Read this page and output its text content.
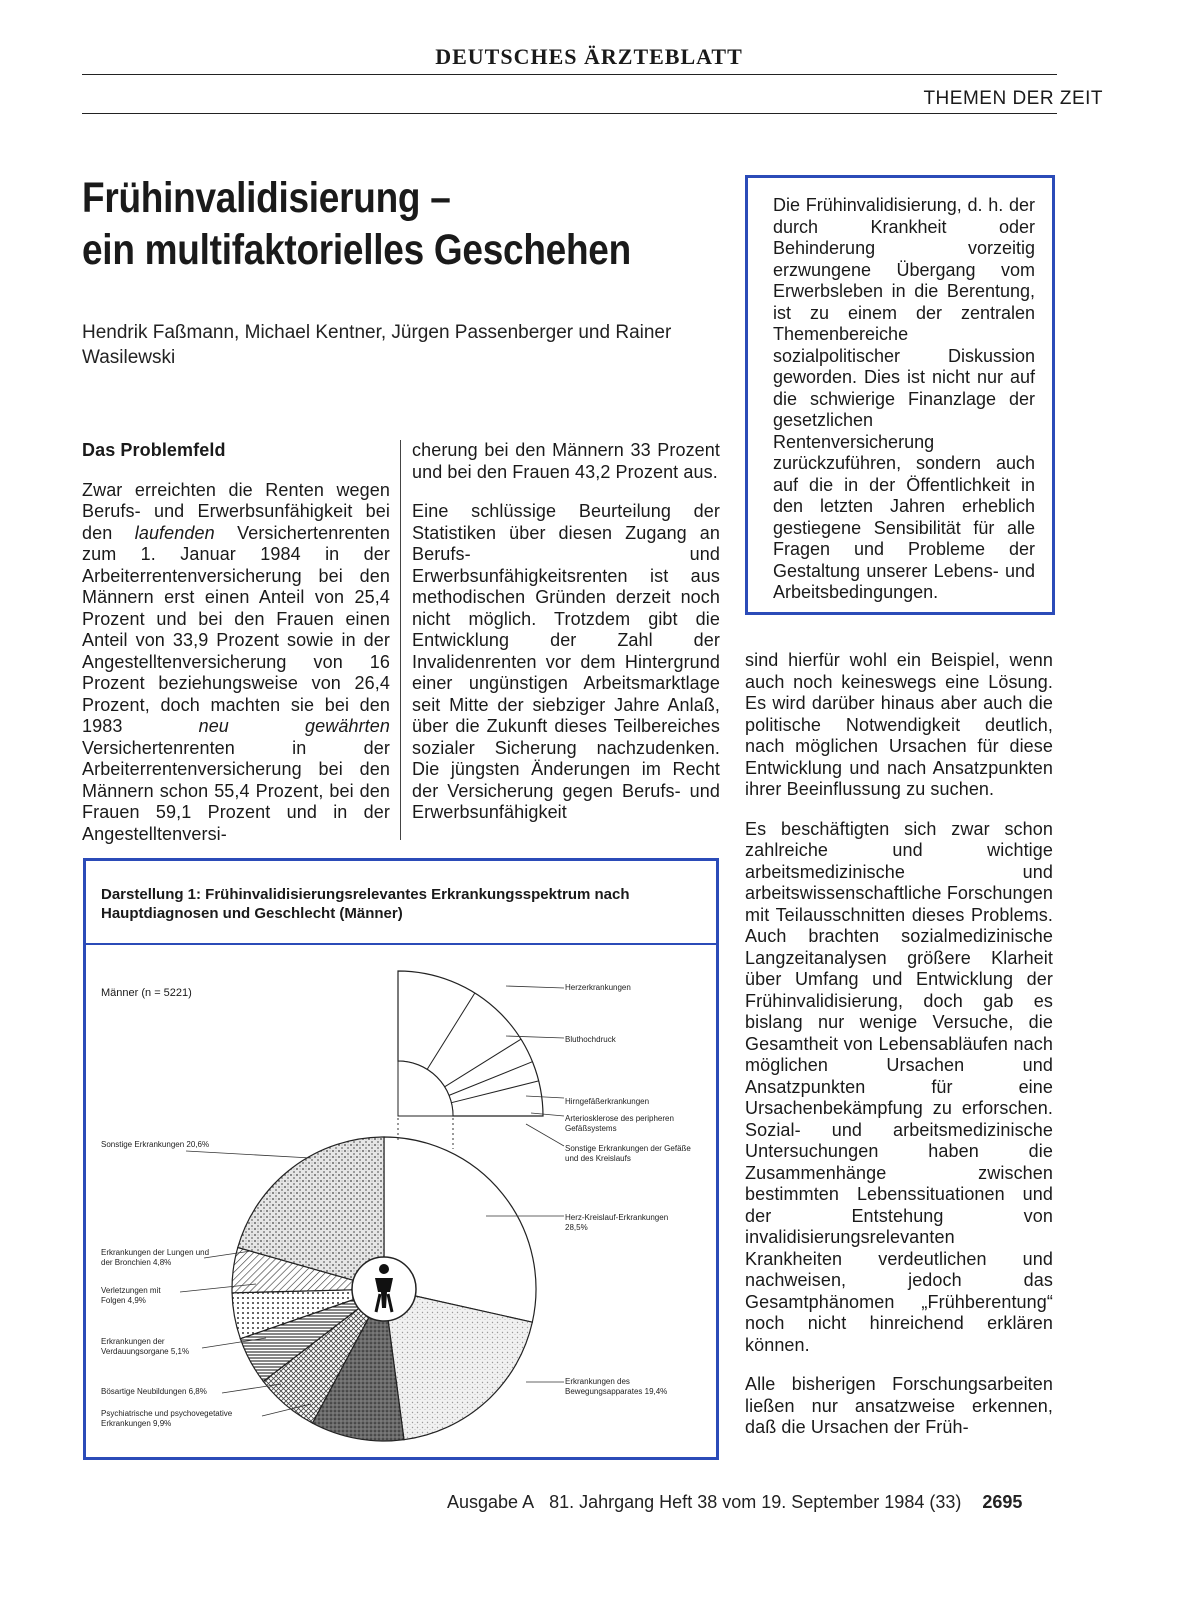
DEUTSCHES ÄRZTEBLATT
THEMEN DER ZEIT
Frühinvalidisierung –
ein multifaktorielles Geschehen
Hendrik Faßmann, Michael Kentner, Jürgen Passenberger und Rainer Wasilewski

Das Problemfeld

Zwar erreichten die Renten wegen Berufs- und Erwerbsunfähigkeit bei den laufenden Versichertenrenten zum 1. Januar 1984 in der Arbeiterrentenversicherung bei den Männern erst einen Anteil von 25,4 Prozent und bei den Frauen einen Anteil von 33,9 Prozent sowie in der Angestelltenversicherung von 16 Prozent beziehungsweise von 26,4 Prozent, doch machten sie bei den 1983 neu gewährten Versichertenrenten in der Arbeiterrentenversicherung bei den Männern schon 55,4 Prozent, bei den Frauen 59,1 Prozent und in der Angestelltenversi-

cherung bei den Männern 33 Prozent und bei den Frauen 43,2 Prozent aus.

Eine schlüssige Beurteilung der Statistiken über diesen Zugang an Berufs- und Erwerbsunfähigkeitsrenten ist aus methodischen Gründen derzeit noch nicht möglich. Trotzdem gibt die Entwicklung der Zahl der Invalidenrenten vor dem Hintergrund einer ungünstigen Arbeitsmarktlage seit Mitte der siebziger Jahre Anlaß, über die Zukunft dieses Teilbereiches sozialer Sicherung nachzudenken. Die jüngsten Änderungen im Recht der Versicherung gegen Berufs- und Erwerbsunfähigkeit

Die Frühinvalidisierung, d. h. der durch Krankheit oder Behinderung vorzeitig erzwungene Übergang vom Erwerbsleben in die Berentung, ist zu einem der zentralen Themenbereiche sozialpolitischer Diskussion geworden. Dies ist nicht nur auf die schwierige Finanzlage der gesetzlichen Rentenversicherung zurückzuführen, sondern auch auf die in der Öffentlichkeit in den letzten Jahren erheblich gestiegene Sensibilität für alle Fragen und Probleme der Gestaltung unserer Lebens- und Arbeitsbedingungen.

sind hierfür wohl ein Beispiel, wenn auch noch keineswegs eine Lösung. Es wird darüber hinaus aber auch die politische Notwendigkeit deutlich, nach möglichen Ursachen für diese Entwicklung und nach Ansatzpunkten ihrer Beeinflussung zu suchen.

Es beschäftigten sich zwar schon zahlreiche und wichtige arbeitsmedizinische und arbeitswissenschaftliche Forschungen mit Teilausschnitten dieses Problems. Auch brachten sozialmedizinische Langzeitanalysen größere Klarheit über Umfang und Entwicklung der Frühinvalidisierung, doch gab es bislang nur wenige Versuche, die Gesamtheit von Lebensabläufen nach möglichen Ursachen und Ansatzpunkten für eine Ursachenbekämpfung zu erforschen. Sozial- und arbeitsmedizinische Untersuchungen haben die Zusammenhänge zwischen bestimmten Lebenssituationen und der Entstehung von invalidisierungsrelevanten Krankheiten verdeutlichen und nachweisen, jedoch das Gesamtphänomen „Frühberentung“ noch nicht hinreichend erklären können.

Alle bisherigen Forschungsarbeiten ließen nur ansatzweise erkennen, daß die Ursachen der Früh-

Darstellung 1: Frühinvalidisierungsrelevantes Erkrankungsspektrum nach Hauptdiagnosen und Geschlecht (Männer)
Männer (n = 5221)	Herzerkrankungen
Bluthochdruck
Hirngefäßerkrankungen
Arteriosklerose des peripheren Gefäßsystems
Sonstige Erkrankungen der Gefäße und des Kreislaufs
Herz-Kreislauf-Erkrankungen 28,5%
Sonstige Erkrankungen 20,6%
Erkrankungen der Lungen und der Bronchien 4,8%
Verletzungen mit Folgen 4,9%
Erkrankungen der Verdauungsorgane 5,1%
Bösartige Neubildungen 6,8%
Psychiatrische und psychovegetative Erkrankungen 9,9%
Erkrankungen des Bewegungsapparates 19,4%
Ausgabe A 81. Jahrgang Heft 38 vom 19. September 1984 (33) 2695
